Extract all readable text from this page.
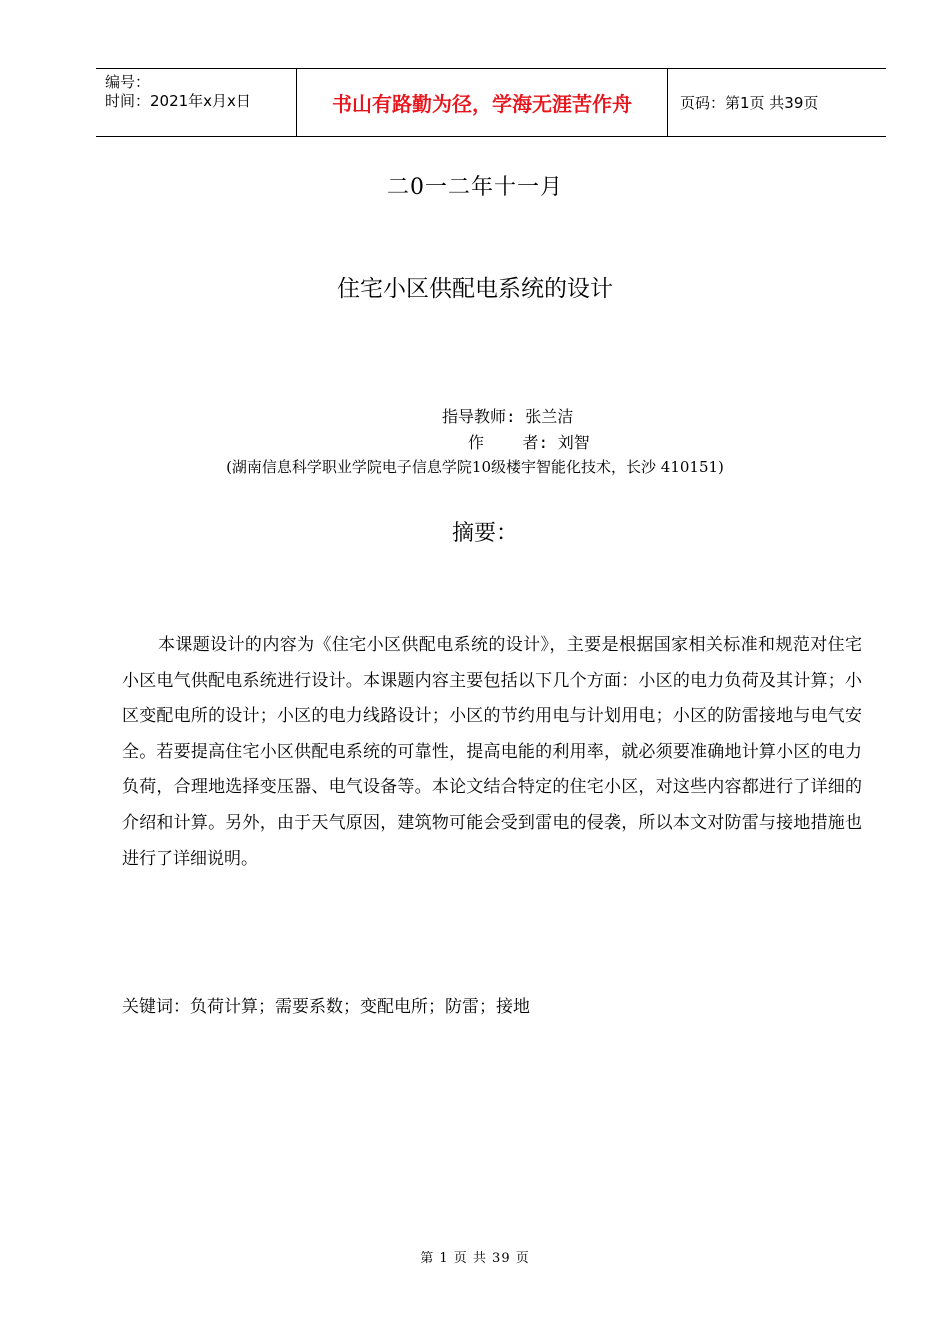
编号：
时间：2021年x月x日	书山有路勤为径，学海无涯苦作舟	页码：第1页 共39页
二0一二年十一月
住宅小区供配电系统的设计
指导教师: 张兰洁
作    者: 刘智
(湖南信息科学职业学院电子信息学院10级楼宇智能化技术，长沙 410151)
摘要：
本课题设计的内容为《住宅小区供配电系统的设计》，主要是根据国家相关标准和规范对住宅小区电气供配电系统进行设计。本课题内容主要包括以下几个方面：小区的电力负荷及其计算；小区变配电所的设计；小区的电力线路设计；小区的节约用电与计划用电；小区的防雷接地与电气安全。若要提高住宅小区供配电系统的可靠性，提高电能的利用率，就必须要准确地计算小区的电力负荷，合理地选择变压器、电气设备等。本论文结合特定的住宅小区，对这些内容都进行了详细的介绍和计算。另外，由于天气原因，建筑物可能会受到雷电的侵袭，所以本文对防雷与接地措施也进行了详细说明。
关键词：负荷计算；需要系数；变配电所；防雷；接地
第 1 页 共 39 页
